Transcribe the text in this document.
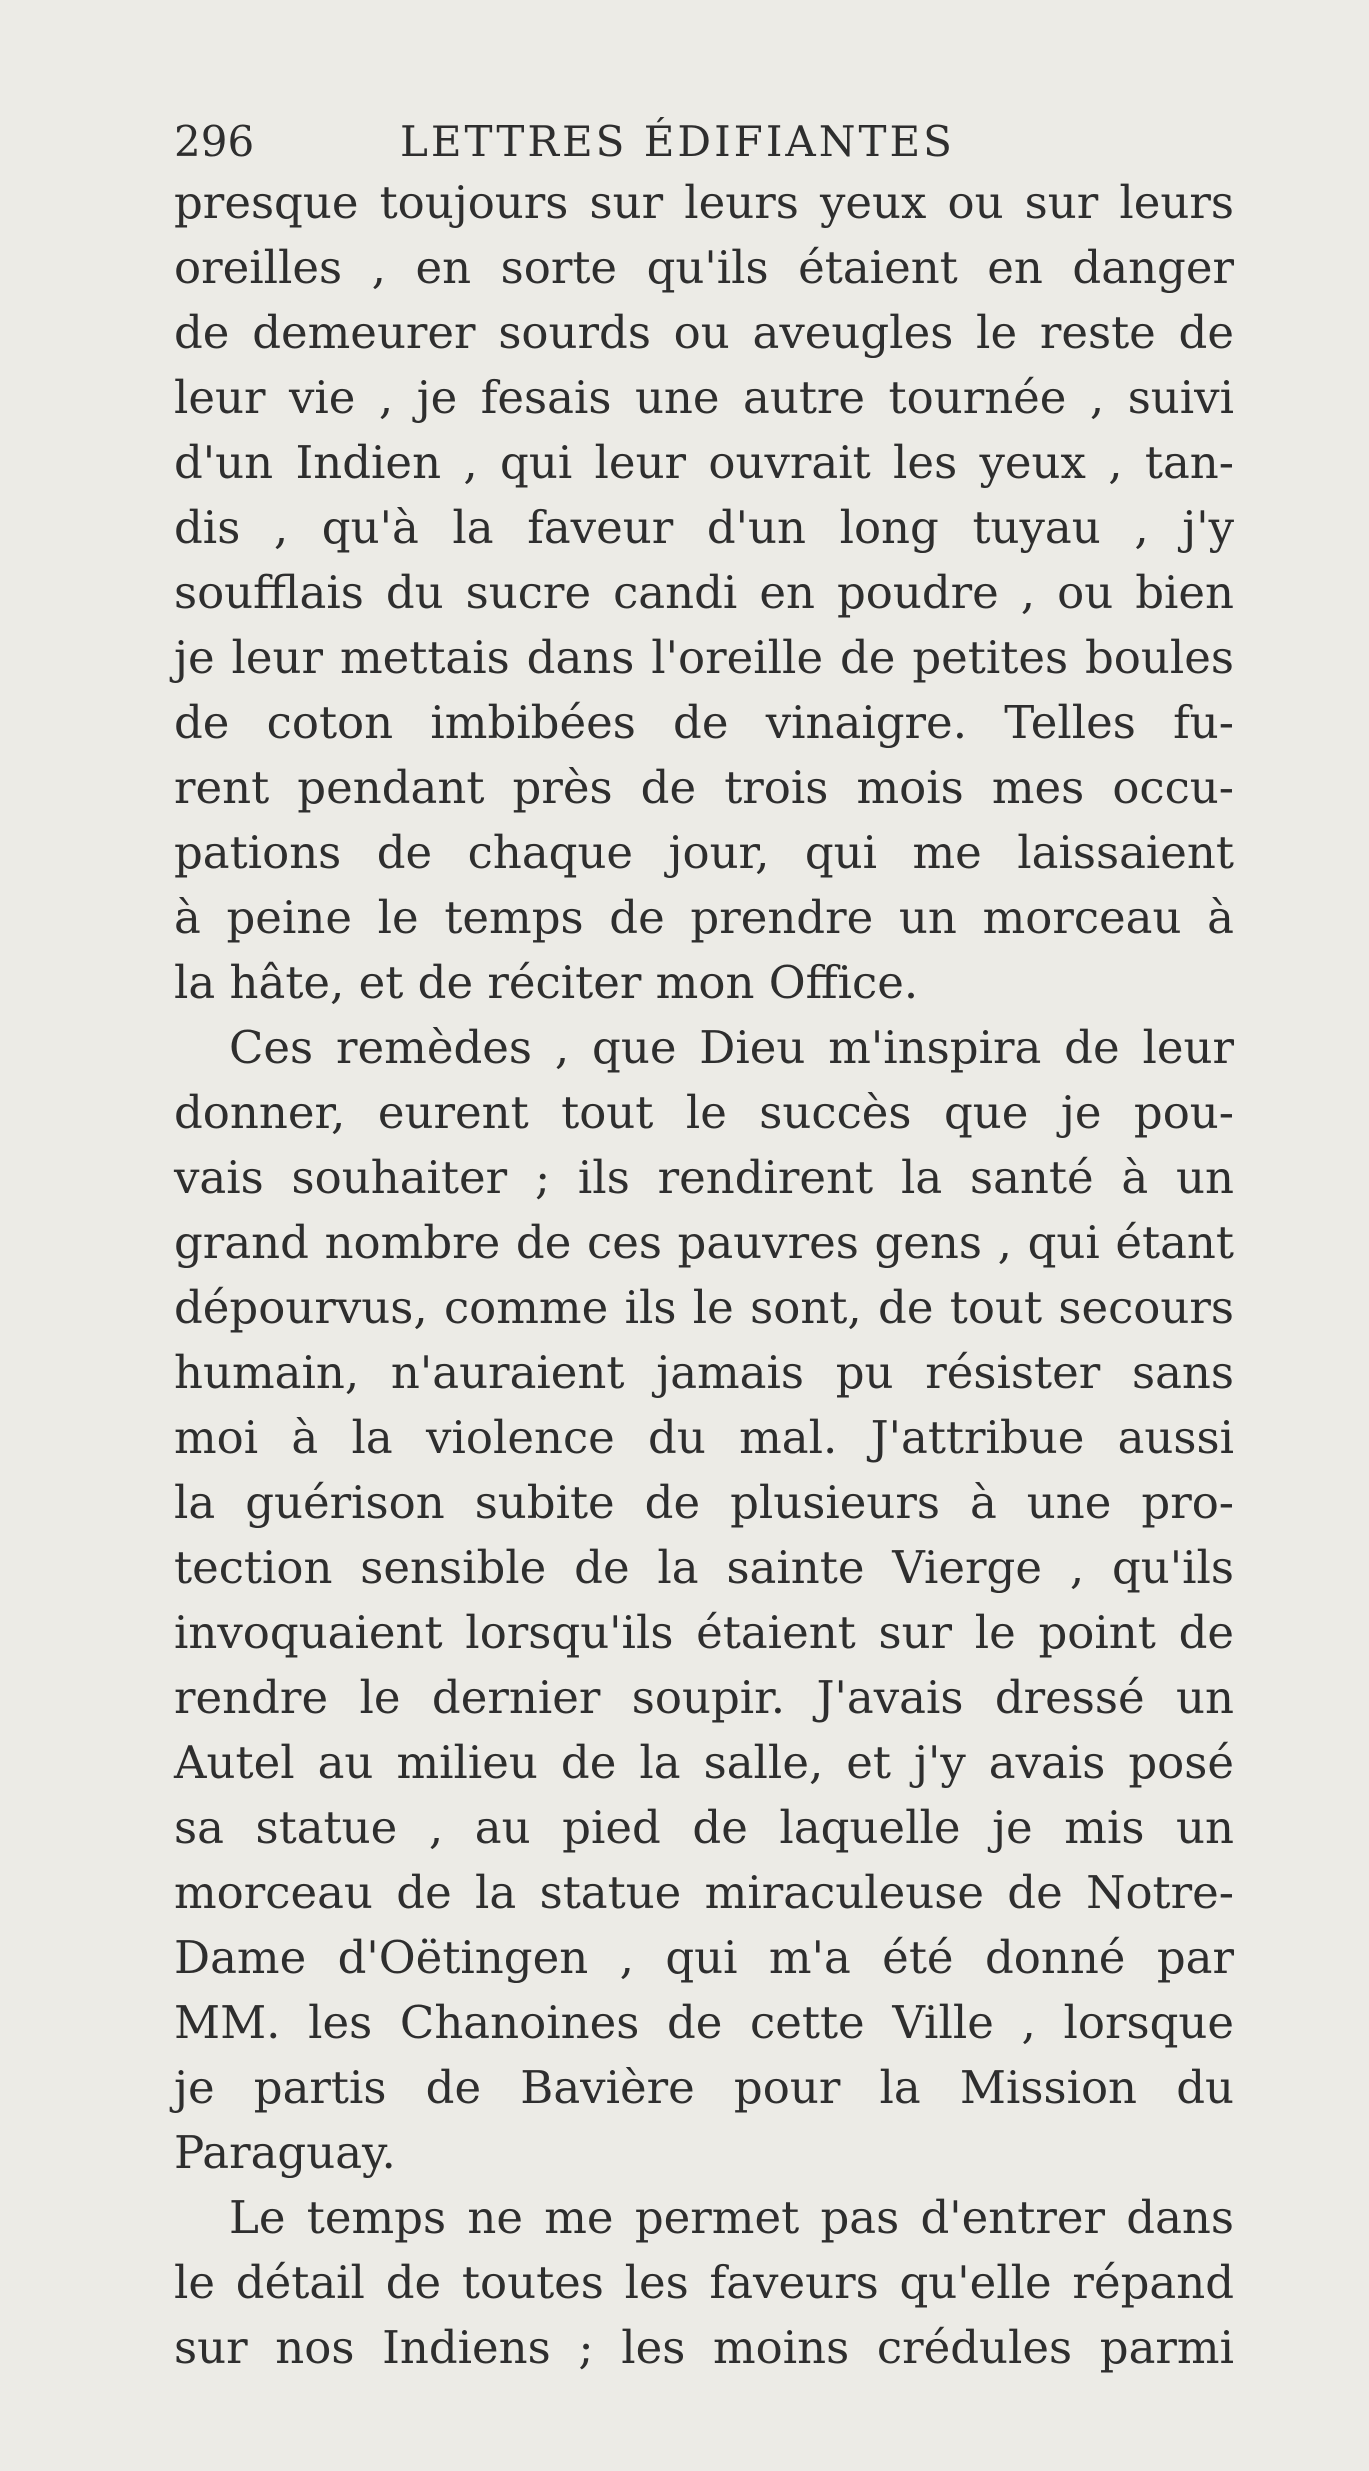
296	LETTRES ÉDIFIANTES
presque toujours sur leurs yeux ou sur leurs
oreilles , en sorte qu'ils étaient en danger
de demeurer sourds ou aveugles le reste de
leur vie , je fesais une autre tournée , suivi
d'un Indien , qui leur ouvrait les yeux , tan-
dis , qu'à la faveur d'un long tuyau , j'y
soufflais du sucre candi en poudre , ou bien
je leur mettais dans l'oreille de petites boules
de coton imbibées de vinaigre. Telles fu-
rent pendant près de trois mois mes occu-
pations de chaque jour, qui me laissaient
à peine le temps de prendre un morceau à
la hâte, et de réciter mon Office.
Ces remèdes , que Dieu m'inspira de leur
donner, eurent tout le succès que je pou-
vais souhaiter ; ils rendirent la santé à un
grand nombre de ces pauvres gens , qui étant
dépourvus, comme ils le sont, de tout secours
humain, n'auraient jamais pu résister sans
moi à la violence du mal. J'attribue aussi
la guérison subite de plusieurs à une pro-
tection sensible de la sainte Vierge , qu'ils
invoquaient lorsqu'ils étaient sur le point de
rendre le dernier soupir. J'avais dressé un
Autel au milieu de la salle, et j'y avais posé
sa statue , au pied de laquelle je mis un
morceau de la statue miraculeuse de Notre-
Dame d'Oëtingen , qui m'a été donné par
MM. les Chanoines de cette Ville , lorsque
je partis de Bavière pour la Mission du
Paraguay.
Le temps ne me permet pas d'entrer dans
le détail de toutes les faveurs qu'elle répand
sur nos Indiens ; les moins crédules parmi
